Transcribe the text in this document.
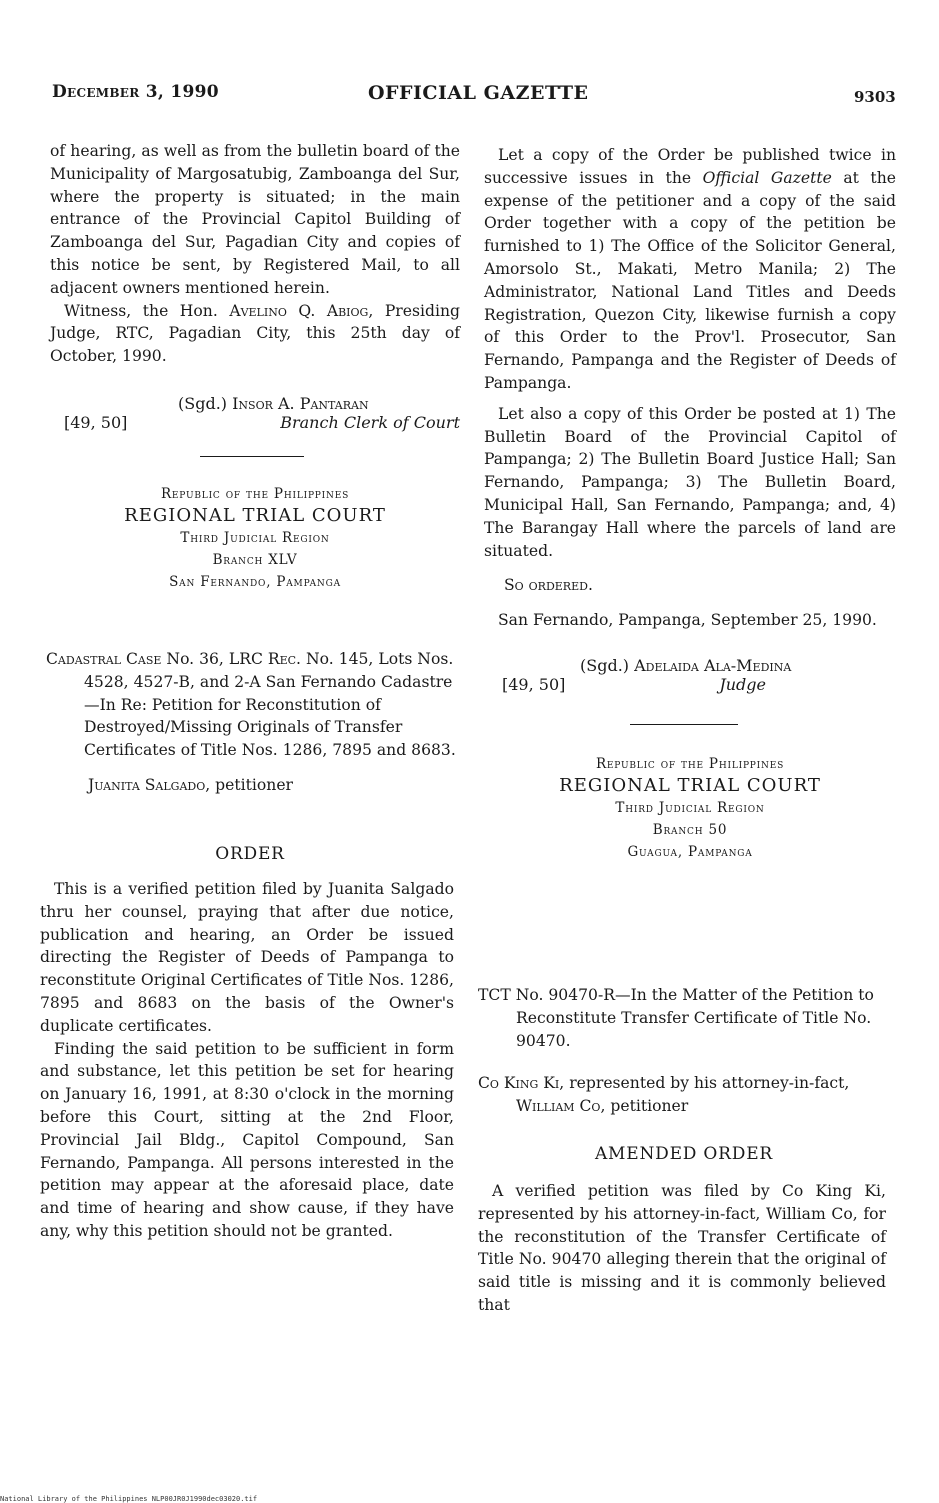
December 3, 1990	OFFICIAL GAZETTE	9303

of hearing, as well as from the bulletin board of the Municipality of Margosatubig, Zamboanga del Sur, where the property is situated; in the main entrance of the Provincial Capitol Building of Zamboanga del Sur, Pagadian City and copies of this notice be sent, by Registered Mail, to all adjacent owners mentioned herein.

Witness, the Hon. Avelino Q. Abiog, Presiding Judge, RTC, Pagadian City, this 25th day of October, 1990.

(Sgd.) Insor A. Pantaran
[49, 50]	Branch Clerk of Court
Republic of the Philippines
REGIONAL TRIAL COURT
Third Judicial Region
Branch XLV
San Fernando, Pampanga

Cadastral Case No. 36, LRC Rec. No. 145, Lots Nos. 4528, 4527-B, and 2-A San Fernando Cadastre—In Re: Petition for Reconstitution of Destroyed/Missing Originals of Transfer Certificates of Title Nos. 1286, 7895 and 8683.

Juanita Salgado, petitioner
ORDER

This is a verified petition filed by Juanita Salgado thru her counsel, praying that after due notice, publication and hearing, an Order be issued directing the Register of Deeds of Pampanga to reconstitute Original Certificates of Title Nos. 1286, 7895 and 8683 on the basis of the Owner's duplicate certificates.

Finding the said petition to be sufficient in form and substance, let this petition be set for hearing on January 16, 1991, at 8:30 o'clock in the morning before this Court, sitting at the 2nd Floor, Provincial Jail Bldg., Capitol Compound, San Fernando, Pampanga. All persons interested in the petition may appear at the aforesaid place, date and time of hearing and show cause, if they have any, why this petition should not be granted.

Let a copy of the Order be published twice in successive issues in the Official Gazette at the expense of the petitioner and a copy of the said Order together with a copy of the petition be furnished to 1) The Office of the Solicitor General, Amorsolo St., Makati, Metro Manila; 2) The Administrator, National Land Titles and Deeds Registration, Quezon City, likewise furnish a copy of this Order to the Prov'l. Prosecutor, San Fernando, Pampanga and the Register of Deeds of Pampanga.

Let also a copy of this Order be posted at 1) The Bulletin Board of the Provincial Capitol of Pampanga; 2) The Bulletin Board Justice Hall; San Fernando, Pampanga; 3) The Bulletin Board, Municipal Hall, San Fernando, Pampanga; and, 4) The Barangay Hall where the parcels of land are situated.

So ordered.

San Fernando, Pampanga, September 25, 1990.

(Sgd.) Adelaida Ala-Medina
[49, 50]	Judge
Republic of the Philippines
REGIONAL TRIAL COURT
Third Judicial Region
Branch 50
Guagua, Pampanga

TCT No. 90470-R—In the Matter of the Petition to Reconstitute Transfer Certificate of Title No. 90470.

Co King Ki, represented by his attorney-in-fact, William Co, petitioner

AMENDED ORDER

A verified petition was filed by Co King Ki, represented by his attorney-in-fact, William Co, for the reconstitution of the Transfer Certificate of Title No. 90470 alleging therein that the original of said title is missing and it is commonly believed that

National Library of the Philippines NLP00JR0J1990dec03020.tif
